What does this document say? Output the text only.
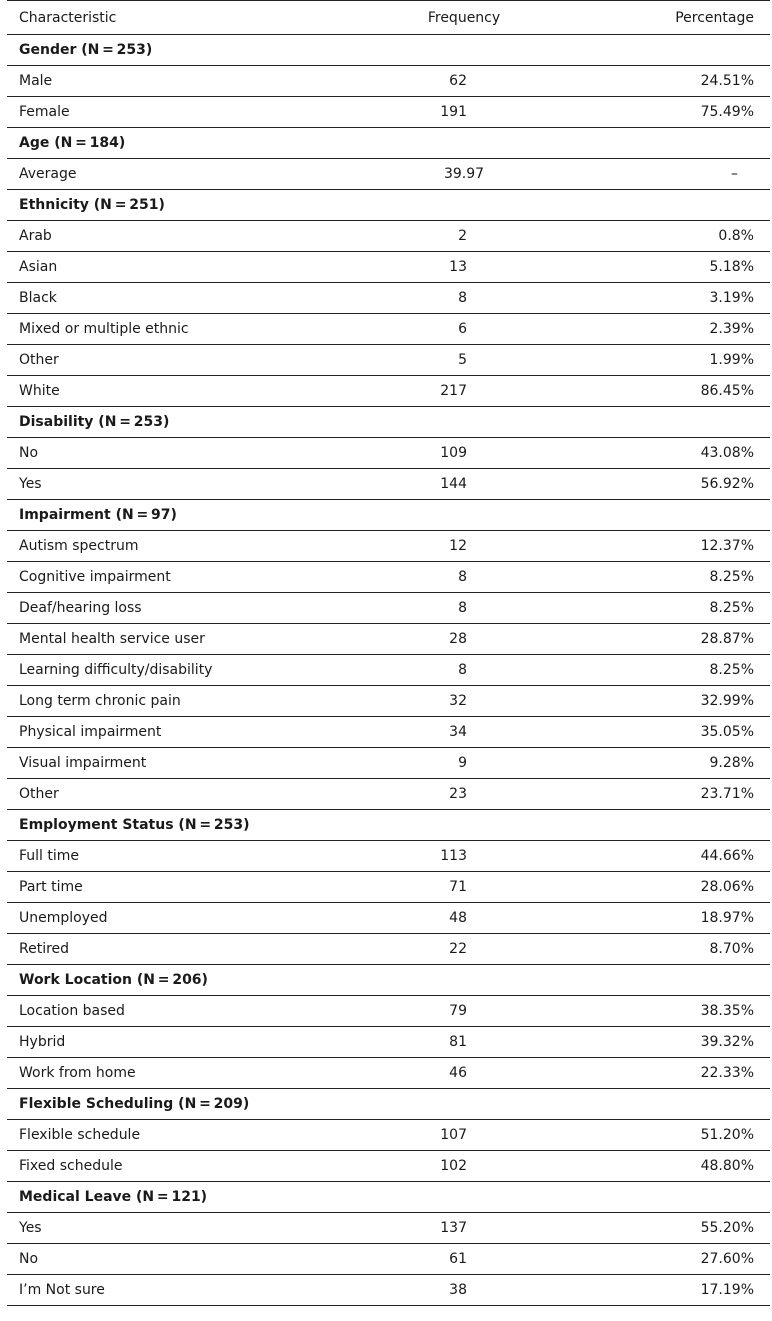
Characteristic	Frequency	Percentage
Gender (N = 253)
Male	62	24.51%
Female	191	75.49%
Age (N = 184)
Average	39.97	–
Ethnicity (N = 251)
Arab	2	0.8%
Asian	13	5.18%
Black	8	3.19%
Mixed or multiple ethnic	6	2.39%
Other	5	1.99%
White	217	86.45%
Disability (N = 253)
No	109	43.08%
Yes	144	56.92%
Impairment (N = 97)
Autism spectrum	12	12.37%
Cognitive impairment	8	8.25%
Deaf/hearing loss	8	8.25%
Mental health service user	28	28.87%
Learning difficulty/disability	8	8.25%
Long term chronic pain	32	32.99%
Physical impairment	34	35.05%
Visual impairment	9	9.28%
Other	23	23.71%
Employment Status (N = 253)
Full time	113	44.66%
Part time	71	28.06%
Unemployed	48	18.97%
Retired	22	8.70%
Work Location (N = 206)
Location based	79	38.35%
Hybrid	81	39.32%
Work from home	46	22.33%
Flexible Scheduling (N = 209)
Flexible schedule	107	51.20%
Fixed schedule	102	48.80%
Medical Leave (N = 121)
Yes	137	55.20%
No	61	27.60%
I’m Not sure	38	17.19%
